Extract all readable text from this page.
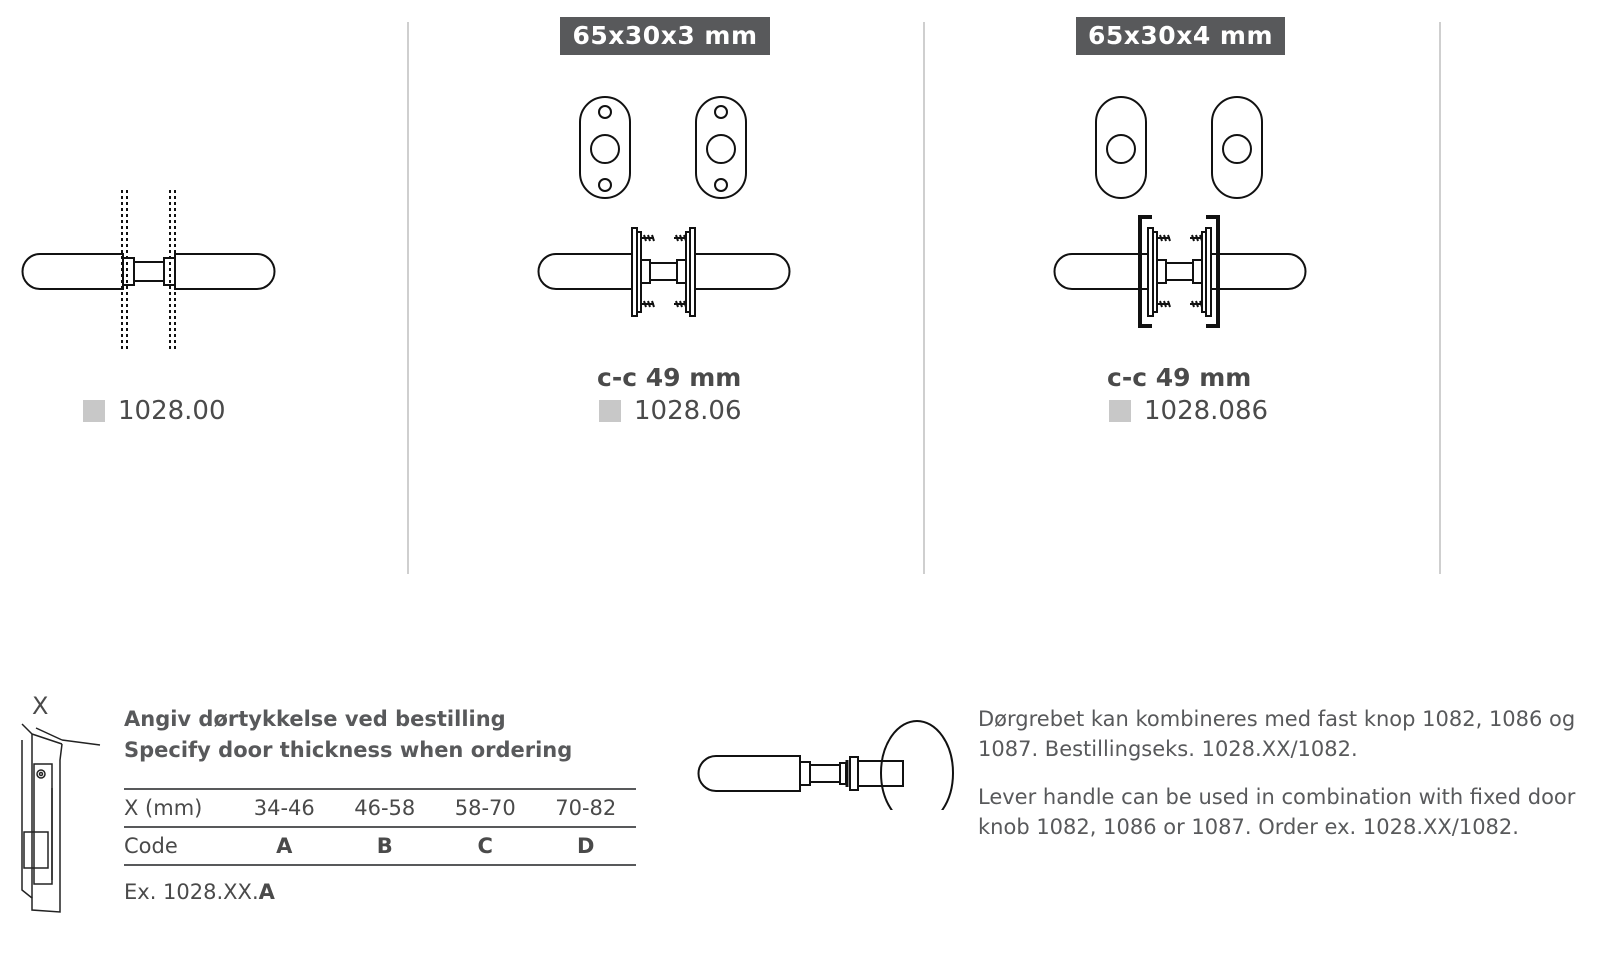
1028.00
65x30x3 mm
c-c 49 mm
1028.06
65x30x4 mm
c-c 49 mm
1028.086
X	Angiv dørtykkelse ved bestilling
Specify door thickness when ordering
X (mm)	34-46	46-58	58-70	70-82
Code	A	B	C	D
Ex. 1028.XX.A
Dørgrebet kan kombineres med fast knop 1082, 1086 og 1087. Bestillingseks. 1028.XX/1082.
Lever handle can be used in combination with fixed door knob 1082, 1086 or 1087. Order ex. 1028.XX/1082.
